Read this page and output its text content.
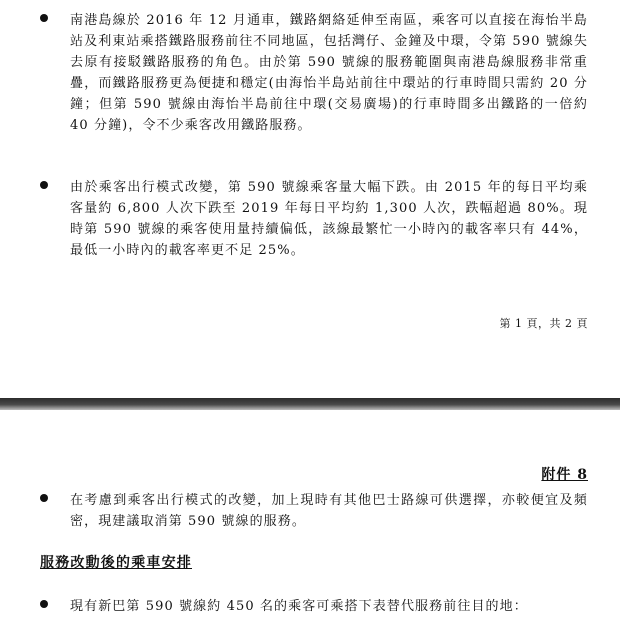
南港島線於 2016 年 12 月通車，鐵路網絡延伸至南區，乘客可以直接在海怡半島站及利東站乘搭鐵路服務前往不同地區，包括灣仔、金鐘及中環，令第 590 號線失去原有接駁鐵路服務的角色。由於第 590 號線的服務範圍與南港島線服務非常重疊，而鐵路服務更為便捷和穩定(由海怡半島站前往中環站的行車時間只需約 20 分鐘；但第 590 號線由海怡半島前往中環(交易廣場)的行車時間多出鐵路的一倍約 40 分鐘)，令不少乘客改用鐵路服務。

由於乘客出行模式改變，第 590 號線乘客量大幅下跌。由 2015 年的每日平均乘客量約 6,800 人次下跌至 2019 年每日平均約 1,300 人次，跌幅超過 80%。現時第 590 號線的乘客使用量持續偏低，該線最繁忙一小時內的載客率只有 44%，最低一小時內的載客率更不足 25%。

第 1 頁，共 2 頁
附件 8

在考慮到乘客出行模式的改變，加上現時有其他巴士路線可供選擇，亦較便宜及頻密，現建議取消第 590 號線的服務。

服務改動後的乘車安排

現有新巴第 590 號線約 450 名的乘客可乘搭下表替代服務前往目的地：
